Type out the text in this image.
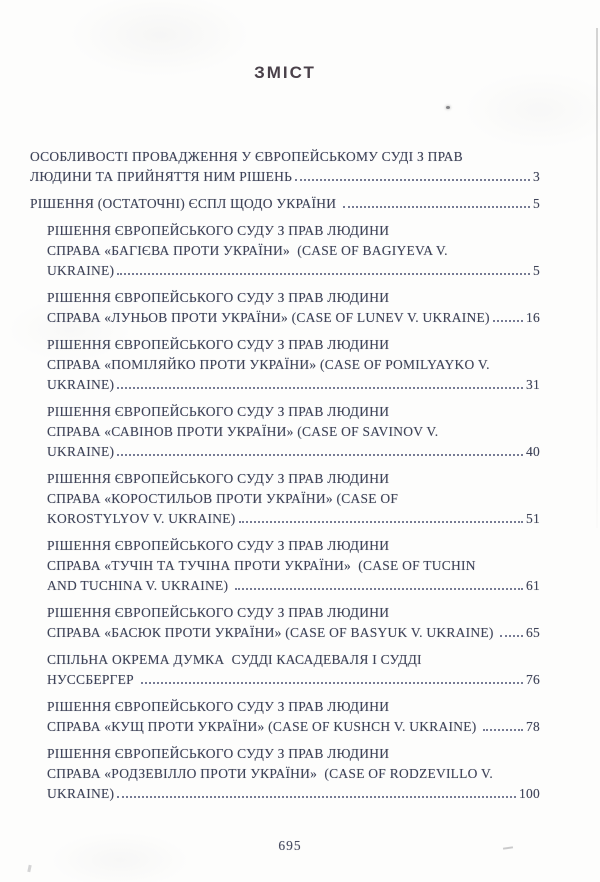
ЗМІСТ
ОСОБЛИВОСТІ ПРОВАДЖЕННЯ У ЄВРОПЕЙСЬКОМУ СУДІ З ПРАВ
ЛЮДИНИ ТА ПРИЙНЯТТЯ НИМ РІШЕНЬ	3
РІШЕННЯ (ОСТАТОЧНІ) ЄСПЛ ЩОДО УКРАЇНИ	5
РІШЕННЯ ЄВРОПЕЙСЬКОГО СУДУ З ПРАВ ЛЮДИНИ
СПРАВА «БАГІЄВА ПРОТИ УКРАЇНИ»  (CASE OF BAGIYEVA V.
UKRAINE)	5
РІШЕННЯ ЄВРОПЕЙСЬКОГО СУДУ З ПРАВ ЛЮДИНИ
СПРАВА «ЛУНЬОВ ПРОТИ УКРАЇНИ» (CASE OF LUNEV V. UKRAINE)	16
РІШЕННЯ ЄВРОПЕЙСЬКОГО СУДУ З ПРАВ ЛЮДИНИ
СПРАВА «ПОМІЛЯЙКО ПРОТИ УКРАЇНИ» (CASE OF POMILYAYKO V.
UKRAINE)	31
РІШЕННЯ ЄВРОПЕЙСЬКОГО СУДУ З ПРАВ ЛЮДИНИ
СПРАВА «САВІНОВ ПРОТИ УКРАЇНИ» (CASE OF SAVINOV V.
UKRAINE)	40
РІШЕННЯ ЄВРОПЕЙСЬКОГО СУДУ З ПРАВ ЛЮДИНИ
СПРАВА «КОРОСТИЛЬОВ ПРОТИ УКРАЇНИ» (CASE OF
KOROSTYLYOV V. UKRAINE)	51
РІШЕННЯ ЄВРОПЕЙСЬКОГО СУДУ З ПРАВ ЛЮДИНИ
СПРАВА «ТУЧІН ТА ТУЧІНА ПРОТИ УКРАЇНИ»  (CASE OF TUCHIN
AND TUCHINA V. UKRAINE)	61
РІШЕННЯ ЄВРОПЕЙСЬКОГО СУДУ З ПРАВ ЛЮДИНИ
СПРАВА «БАСЮК ПРОТИ УКРАЇНИ» (CASE OF BASYUK V. UKRAINE) 65
СПІЛЬНА ОКРЕМА ДУМКА  СУДДІ КАСАДЕВАЛЯ І СУДДІ
НУССБЕРГЕР	76
РІШЕННЯ ЄВРОПЕЙСЬКОГО СУДУ З ПРАВ ЛЮДИНИ
СПРАВА «КУЩ ПРОТИ УКРАЇНИ» (CASE OF KUSHCH V. UKRAINE)	78
РІШЕННЯ ЄВРОПЕЙСЬКОГО СУДУ З ПРАВ ЛЮДИНИ
СПРАВА «РОДЗЕВІЛЛО ПРОТИ УКРАЇНИ»  (CASE OF RODZEVILLO V.
UKRAINE)	100
695
